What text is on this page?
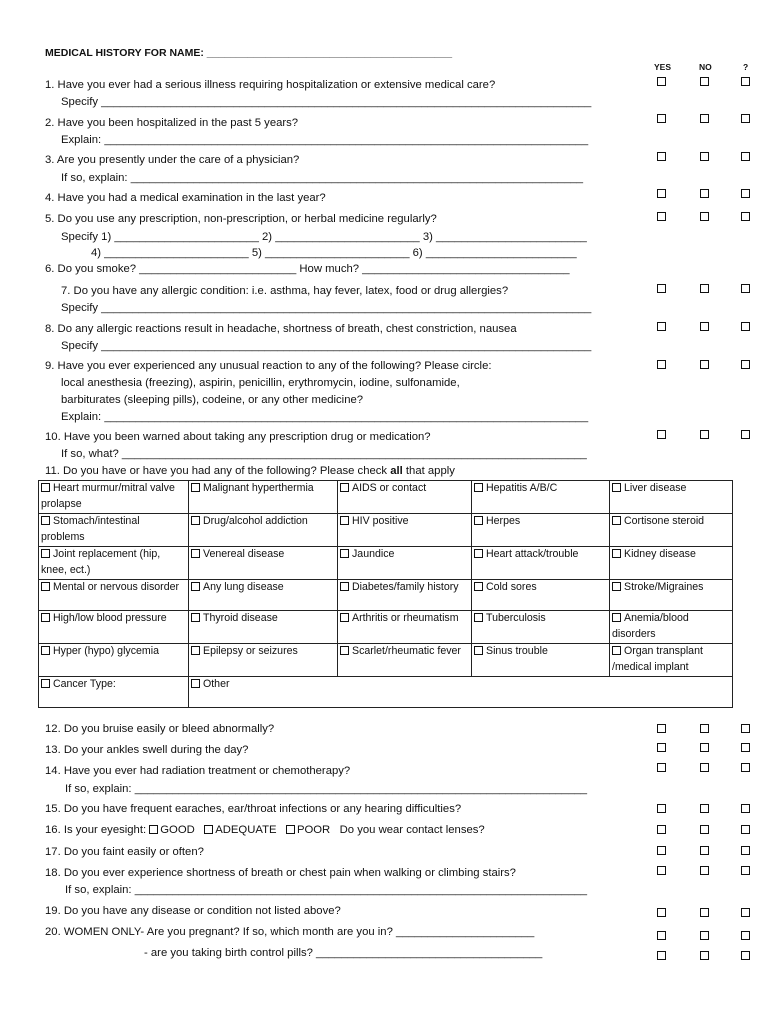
MEDICAL HISTORY FOR NAME: __________________________________________
YES	NO	?
1. Have you ever had a serious illness requiring hospitalization or extensive medical care?
Specify ______________________________________________________________________________
2. Have you been hospitalized in the past 5 years?
Explain: _____________________________________________________________________________
3. Are you presently under the care of a physician?
If so, explain: ________________________________________________________________________
4. Have you had a medical examination in the last year?
5. Do you use any prescription, non-prescription, or herbal medicine regularly?
Specify 1) _______________________ 2) _______________________ 3) ________________________
4) _______________________ 5) _______________________ 6) ________________________
6. Do you smoke? _________________________ How much? _________________________________
7. Do you have any allergic condition: i.e. asthma, hay fever, latex, food or drug allergies?
Specify ______________________________________________________________________________
8. Do any allergic reactions result in headache, shortness of breath, chest constriction, nausea
Specify ______________________________________________________________________________
9. Have you ever experienced any unusual reaction to any of the following? Please circle:
local anesthesia (freezing), aspirin, penicillin, erythromycin, iodine, sulfonamide,
barbiturates (sleeping pills), codeine, or any other medicine?
Explain: _____________________________________________________________________________
10. Have you been warned about taking any prescription drug or medication?
If so, what? __________________________________________________________________________
11. Do you have or have you had any of the following? Please check all that apply
Heart murmur/mitral valve prolapse	Malignant hyperthermia	AIDS or contact	Hepatitis A/B/C	Liver disease
Stomach/intestinal problems	Drug/alcohol addiction	HIV positive	Herpes	Cortisone steroid
Joint replacement (hip, knee, ect.)	Venereal disease	Jaundice	Heart attack/trouble	Kidney disease
Mental or nervous disorder	Any lung disease	Diabetes/family history	Cold sores	Stroke/Migraines
High/low blood pressure	Thyroid disease	Arthritis or rheumatism	Tuberculosis	Anemia/blood disorders
Hyper (hypo) glycemia	Epilepsy or seizures	Scarlet/rheumatic fever	Sinus trouble	Organ transplant /medical implant
Cancer Type:	Other			
12. Do you bruise easily or bleed abnormally?
13. Do your ankles swell during the day?
14. Have you ever had radiation treatment or chemotherapy?
If so, explain: ________________________________________________________________________
15. Do you have frequent earaches, ear/throat infections or any hearing difficulties?
16. Is your eyesight: GOOD ADEQUATE POOR Do you wear contact lenses?
17. Do you faint easily or often?
18. Do you ever experience shortness of breath or chest pain when walking or climbing stairs?
If so, explain: ________________________________________________________________________
19. Do you have any disease or condition not listed above?
20. WOMEN ONLY- Are you pregnant? If so, which month are you in? ______________________
- are you taking birth control pills? ____________________________________
